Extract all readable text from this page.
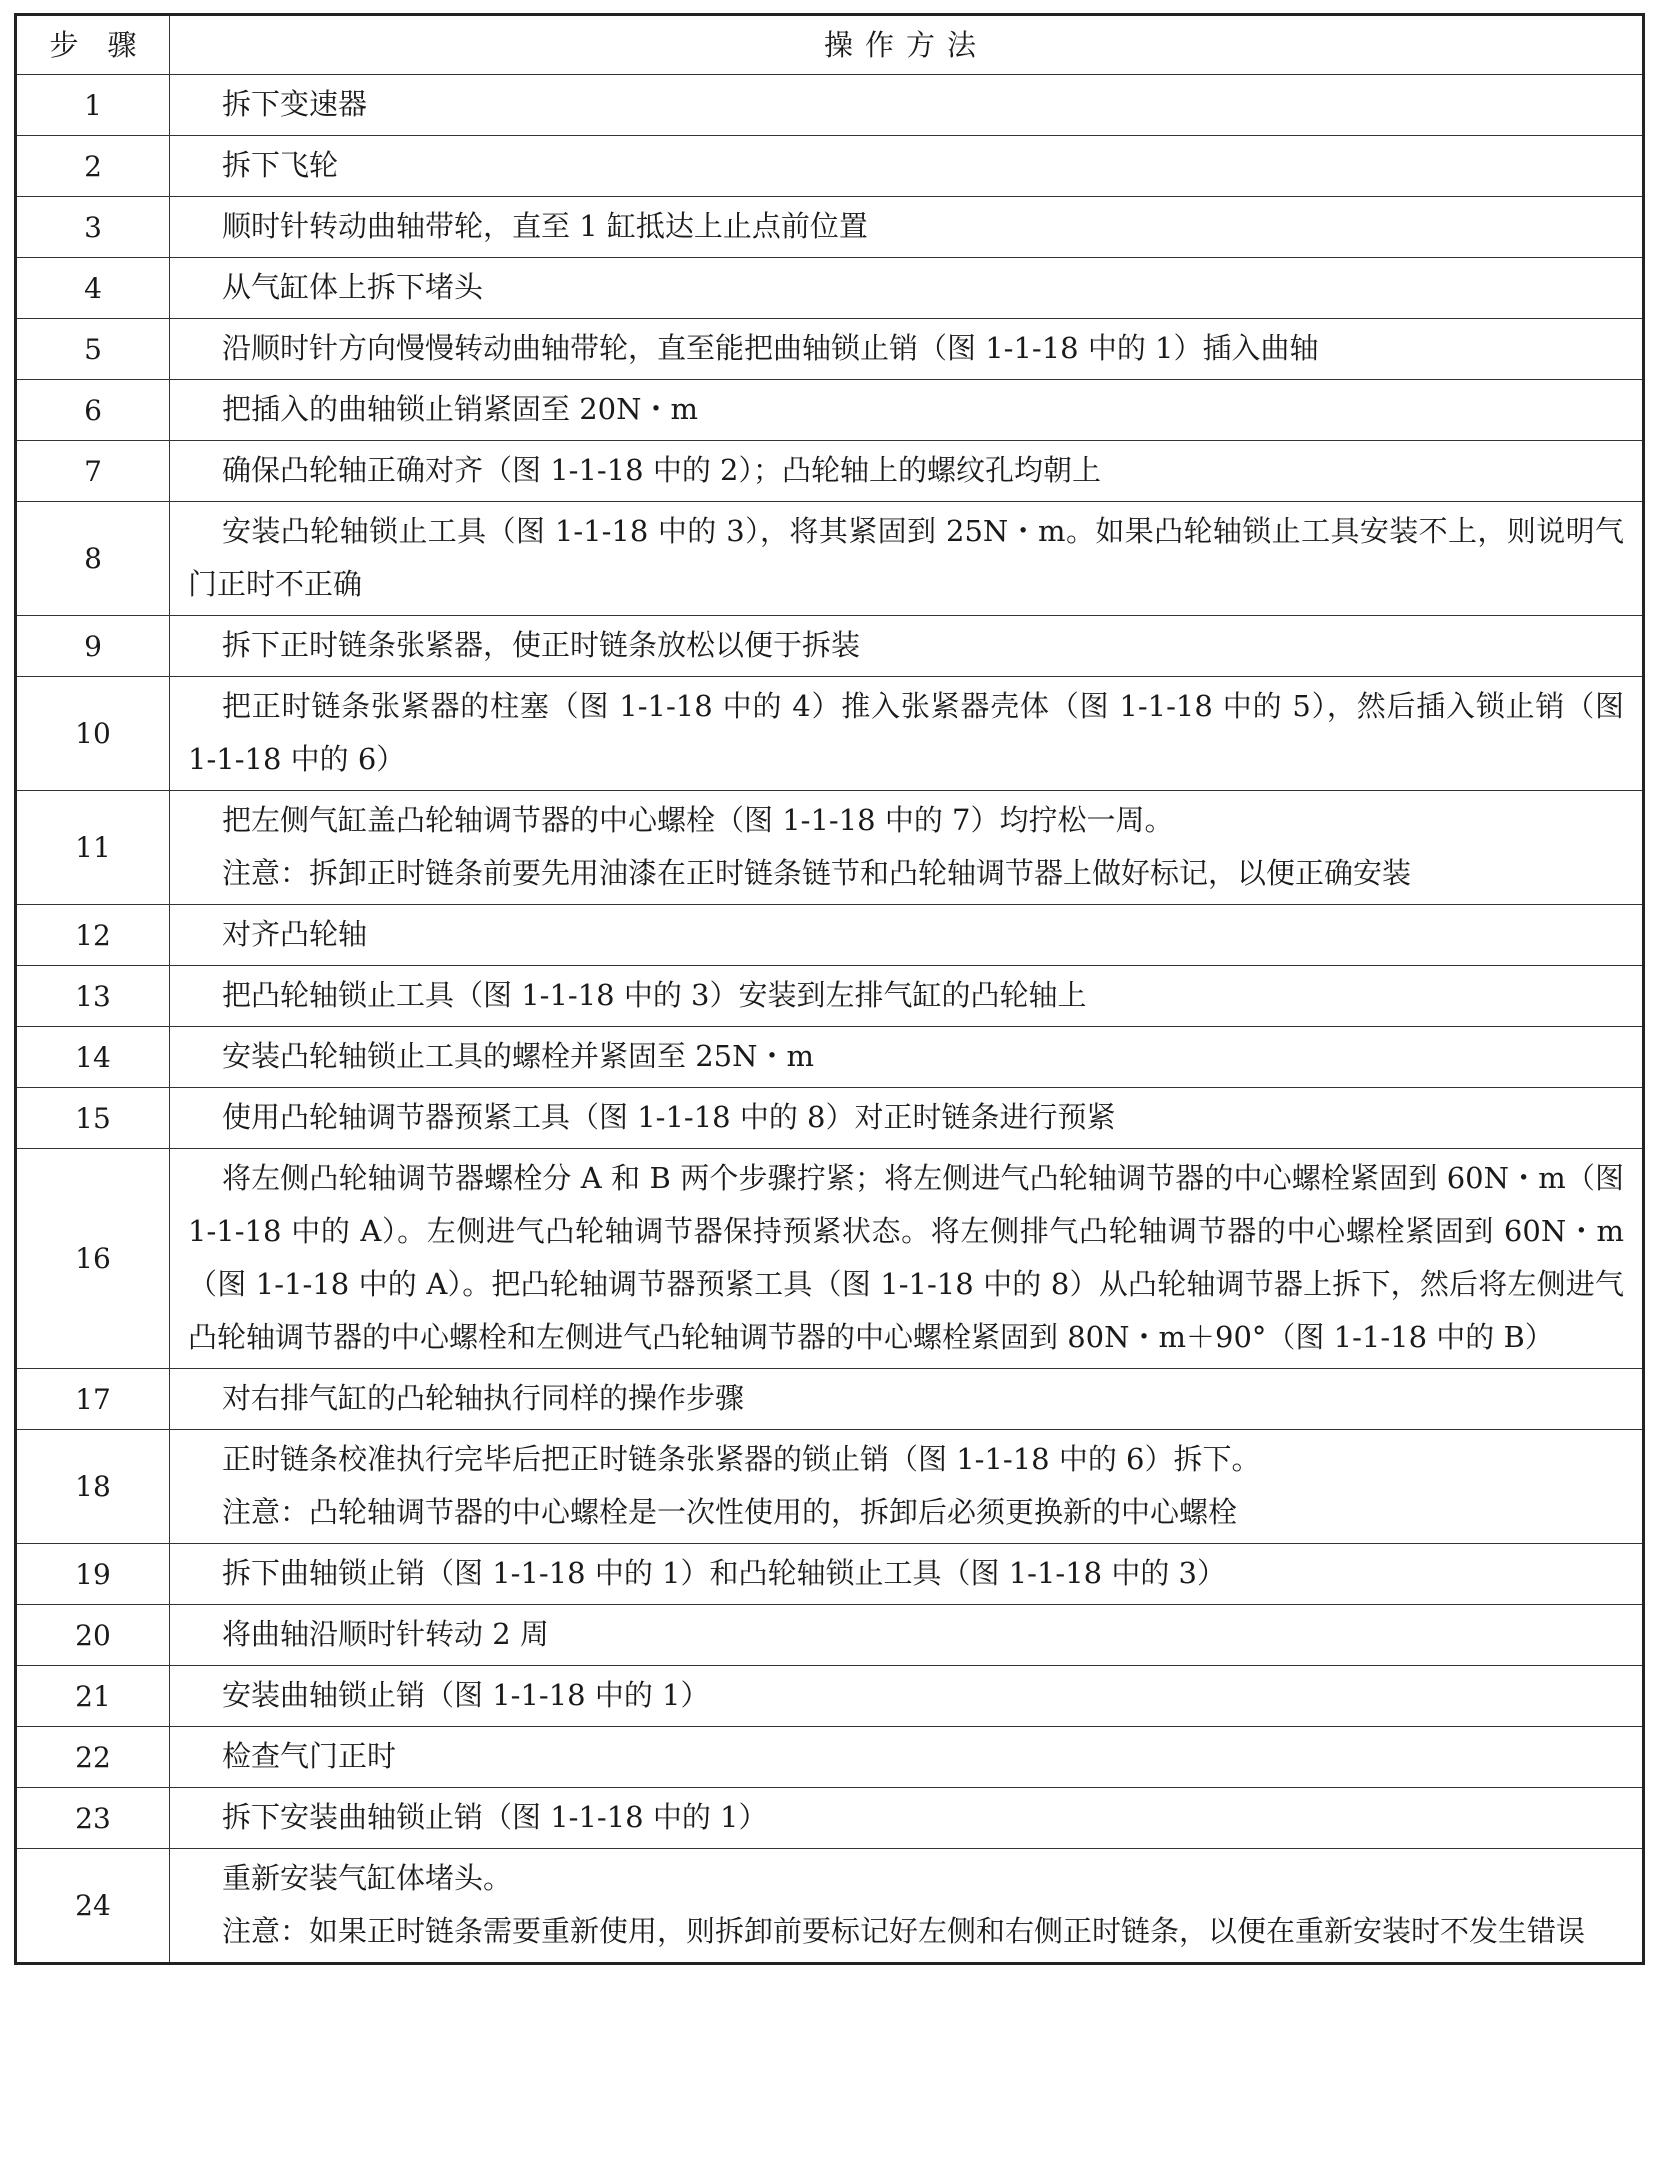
步　骤	操作方法
1	拆下变速器

2	拆下飞轮

3	顺时针转动曲轴带轮，直至 1 缸抵达上止点前位置

4	从气缸体上拆下堵头

5	沿顺时针方向慢慢转动曲轴带轮，直至能把曲轴锁止销（图 1-1-18 中的 1）插入曲轴

6	把插入的曲轴锁止销紧固至 20N・m

7	确保凸轮轴正确对齐（图 1-1-18 中的 2）；凸轮轴上的螺纹孔均朝上

8	安装凸轮轴锁止工具（图 1-1-18 中的 3），将其紧固到 25N・m。如果凸轮轴锁止工具安装不上，则说明气门正时不正确

9	拆下正时链条张紧器，使正时链条放松以便于拆装

10	把正时链条张紧器的柱塞（图 1-1-18 中的 4）推入张紧器壳体（图 1-1-18 中的 5），然后插入锁止销（图 1-1-18 中的 6）

11	把左侧气缸盖凸轮轴调节器的中心螺栓（图 1-1-18 中的 7）均拧松一周。

注意：拆卸正时链条前要先用油漆在正时链条链节和凸轮轴调节器上做好标记，以便正确安装

12	对齐凸轮轴

13	把凸轮轴锁止工具（图 1-1-18 中的 3）安装到左排气缸的凸轮轴上

14	安装凸轮轴锁止工具的螺栓并紧固至 25N・m

15	使用凸轮轴调节器预紧工具（图 1-1-18 中的 8）对正时链条进行预紧

16	将左侧凸轮轴调节器螺栓分 A 和 B 两个步骤拧紧；将左侧进气凸轮轴调节器的中心螺栓紧固到 60N・m（图 1-1-18 中的 A）。左侧进气凸轮轴调节器保持预紧状态。将左侧排气凸轮轴调节器的中心螺栓紧固到 60N・m（图 1-1-18 中的 A）。把凸轮轴调节器预紧工具（图 1-1-18 中的 8）从凸轮轴调节器上拆下，然后将左侧进气凸轮轴调节器的中心螺栓和左侧进气凸轮轴调节器的中心螺栓紧固到 80N・m＋90°（图 1-1-18 中的 B）

17	对右排气缸的凸轮轴执行同样的操作步骤

18	正时链条校准执行完毕后把正时链条张紧器的锁止销（图 1-1-18 中的 6）拆下。

注意：凸轮轴调节器的中心螺栓是一次性使用的，拆卸后必须更换新的中心螺栓

19	拆下曲轴锁止销（图 1-1-18 中的 1）和凸轮轴锁止工具（图 1-1-18 中的 3）

20	将曲轴沿顺时针转动 2 周

21	安装曲轴锁止销（图 1-1-18 中的 1）

22	检查气门正时

23	拆下安装曲轴锁止销（图 1-1-18 中的 1）

24	重新安装气缸体堵头。

注意：如果正时链条需要重新使用，则拆卸前要标记好左侧和右侧正时链条，以便在重新安装时不发生错误
